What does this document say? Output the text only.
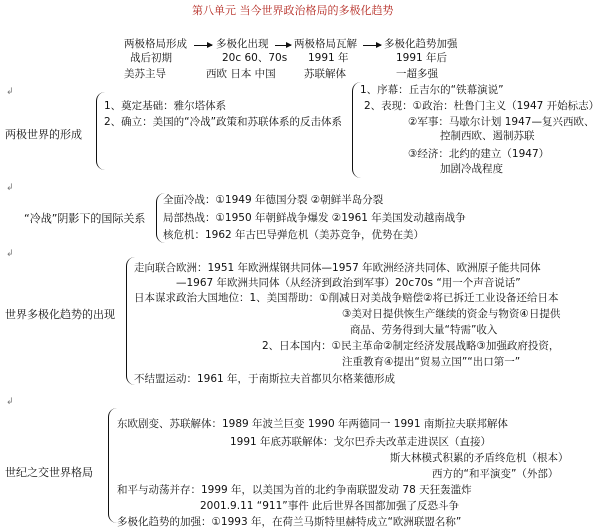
第八单元 当今世界政治格局的多极化趋势
两极格局形成	多极化出现 两极格局瓦解	多极化趋势加强
战后初期	20c 60、70s 1991 年	1991 年后
美苏主导	西欧 日本 中国	苏联解体	一超多强
两极世界的形成
1、奠定基础：雅尔塔体系
2、确立：美国的“冷战”政策和苏联体系的反击体系
1、序幕：丘吉尔的“铁幕演说”
2、表现：①政治：杜鲁门主义（1947 开始标志）
②军事：马歇尔计划 1947—复兴西欧、
控制西欧、遏制苏联
③经济：北约的建立（1947）
加剧冷战程度
“冷战”阴影下的国际关系
全面冷战：①1949 年德国分裂 ②朝鲜半岛分裂
局部热战：①1950 年朝鲜战争爆发 ②1961 年美国发动越南战争
核危机：1962 年古巴导弹危机（美苏竞争，优势在美）
世界多极化趋势的出现
走向联合欧洲：1951 年欧洲煤钢共同体—1957 年欧洲经济共同体、欧洲原子能共同体
—1967 年欧洲共同体（从经济到政治到军事）20c70s “用一个声音说话”
日本谋求政治大国地位：1、美国帮助：①削减日对美战争赔偿②将已拆迁工业设备还给日本
③美对日提供恢生产继续的资金与物资④日提供
商品、劳务得到大量“特需”收入
2、日本国内：①民主革命②制定经济发展战略③加强政府投资，
注重教育④提出“贸易立国”“出口第一”
不结盟运动：1961 年，于南斯拉夫首都贝尔格莱德形成
世纪之交世界格局
东欧剧变、苏联解体：1989 年波兰巨变 1990 年两德同一 1991 南斯拉夫联邦解体
1991 年底苏联解体：戈尔巴乔夫改革走进误区（直接）
斯大林模式积累的矛盾终危机（根本）
西方的“和平演变”（外部）
和平与动荡并存：1999 年，以美国为首的北约争南联盟发动 78 天狂轰滥炸
2001.9.11 “911”事件 此后世界各国都加强了反恐斗争
多极化趋势的加强：①1993 年，在荷兰马斯特里赫特成立“欧洲联盟名称”
↲
↲
↲
↲
